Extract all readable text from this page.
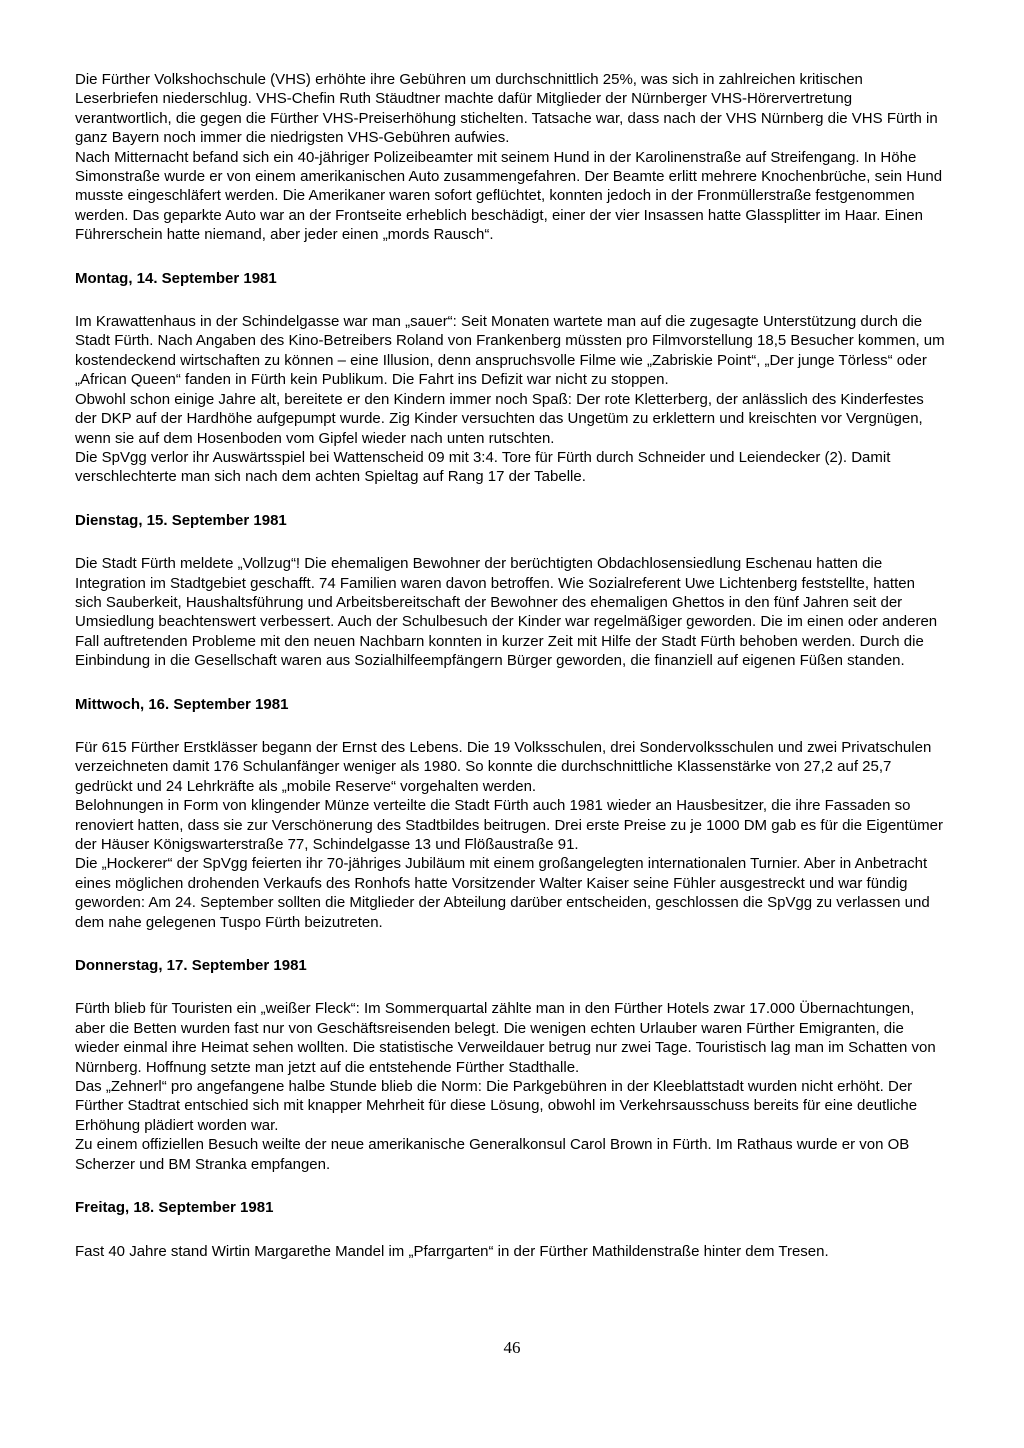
Die Fürther Volkshochschule (VHS) erhöhte ihre Gebühren um durchschnittlich 25%, was sich in zahlreichen kritischen Leserbriefen niederschlug. VHS-Chefin Ruth Stäudtner machte dafür Mitglieder der Nürnberger VHS-Hörervertretung verantwortlich, die gegen die Fürther VHS-Preiserhöhung stichelten. Tatsache war, dass nach der VHS Nürnberg die VHS Fürth in ganz Bayern noch immer die niedrigsten VHS-Gebühren aufwies.

Nach Mitternacht befand sich ein 40-jähriger Polizeibeamter mit seinem Hund in der Karolinenstraße auf Streifengang. In Höhe Simonstraße wurde er von einem amerikanischen Auto zusammengefahren. Der Beamte erlitt mehrere Knochenbrüche, sein Hund musste eingeschläfert werden. Die Amerikaner waren sofort geflüchtet, konnten jedoch in der Fronmüllerstraße festgenommen werden. Das geparkte Auto war an der Frontseite erheblich beschädigt, einer der vier Insassen hatte Glassplitter im Haar. Einen Führerschein hatte niemand, aber jeder einen „mords Rausch“.

Montag, 14. September 1981

Im Krawattenhaus in der Schindelgasse war man „sauer“: Seit Monaten wartete man auf die zugesagte Unterstützung durch die Stadt Fürth. Nach Angaben des Kino-Betreibers Roland von Frankenberg müssten pro Filmvorstellung 18,5 Besucher kommen, um kostendeckend wirtschaften zu können – eine Illusion, denn anspruchsvolle Filme wie „Zabriskie Point“, „Der junge Törless“ oder „African Queen“ fanden in Fürth kein Publikum. Die Fahrt ins Defizit war nicht zu stoppen.

Obwohl schon einige Jahre alt, bereitete er den Kindern immer noch Spaß: Der rote Kletterberg, der anlässlich des Kinderfestes der DKP auf der Hardhöhe aufgepumpt wurde. Zig Kinder versuchten das Ungetüm zu erklettern und kreischten vor Vergnügen, wenn sie auf dem Hosenboden vom Gipfel wieder nach unten rutschten.

Die SpVgg verlor ihr Auswärtsspiel bei Wattenscheid 09 mit 3:4. Tore für Fürth durch Schneider und Leiendecker (2). Damit verschlechterte man sich nach dem achten Spieltag auf Rang 17 der Tabelle.

Dienstag, 15. September 1981

Die Stadt Fürth meldete „Vollzug“! Die ehemaligen Bewohner der berüchtigten Obdachlosensiedlung Eschenau hatten die Integration im Stadtgebiet geschafft. 74 Familien waren davon betroffen. Wie Sozialreferent Uwe Lichtenberg feststellte, hatten sich Sauberkeit, Haushaltsführung und Arbeitsbereitschaft der Bewohner des ehemaligen Ghettos in den fünf Jahren seit der Umsiedlung beachtenswert verbessert. Auch der Schulbesuch der Kinder war regelmäßiger geworden. Die im einen oder anderen Fall auftretenden Probleme mit den neuen Nachbarn konnten in kurzer Zeit mit Hilfe der Stadt Fürth behoben werden. Durch die Einbindung in die Gesellschaft waren aus Sozialhilfeempfängern Bürger geworden, die finanziell auf eigenen Füßen standen.

Mittwoch, 16. September 1981

Für 615 Fürther Erstklässer begann der Ernst des Lebens. Die 19 Volksschulen, drei Sondervolksschulen und zwei Privatschulen verzeichneten damit 176 Schulanfänger weniger als 1980. So konnte die durchschnittliche Klassenstärke von 27,2 auf 25,7 gedrückt und 24 Lehrkräfte als „mobile Reserve“ vorgehalten werden.

Belohnungen in Form von klingender Münze verteilte die Stadt Fürth auch 1981 wieder an Hausbesitzer, die ihre Fassaden so renoviert hatten, dass sie zur Verschönerung des Stadtbildes beitrugen. Drei erste Preise zu je 1000 DM gab es für die Eigentümer der Häuser Königswarterstraße 77, Schindelgasse 13 und Flößaustraße 91.

Die „Hockerer“ der SpVgg feierten ihr 70-jähriges Jubiläum mit einem großangelegten internationalen Turnier. Aber in Anbetracht eines möglichen drohenden Verkaufs des Ronhofs hatte Vorsitzender Walter Kaiser seine Fühler ausgestreckt und war fündig geworden: Am 24. September sollten die Mitglieder der Abteilung darüber entscheiden, geschlossen die SpVgg zu verlassen und dem nahe gelegenen Tuspo Fürth beizutreten.

Donnerstag, 17. September 1981

Fürth blieb für Touristen ein „weißer Fleck“: Im Sommerquartal zählte man in den Fürther Hotels zwar 17.000 Übernachtungen, aber die Betten wurden fast nur von Geschäftsreisenden belegt. Die wenigen echten Urlauber waren Fürther Emigranten, die wieder einmal ihre Heimat sehen wollten. Die statistische Verweildauer betrug nur zwei Tage. Touristisch lag man im Schatten von Nürnberg. Hoffnung setzte man jetzt auf die entstehende Fürther Stadthalle.

Das „Zehnerl“ pro angefangene halbe Stunde blieb die Norm: Die Parkgebühren in der Kleeblattstadt wurden nicht erhöht. Der Fürther Stadtrat entschied sich mit knapper Mehrheit für diese Lösung, obwohl im Verkehrsausschuss bereits für eine deutliche Erhöhung plädiert worden war.

Zu einem offiziellen Besuch weilte der neue amerikanische Generalkonsul Carol Brown in Fürth. Im Rathaus wurde er von OB Scherzer und BM Stranka empfangen.

Freitag, 18. September 1981

Fast 40 Jahre stand Wirtin Margarethe Mandel im „Pfarrgarten“ in der Fürther Mathildenstraße hinter dem Tresen.

46
